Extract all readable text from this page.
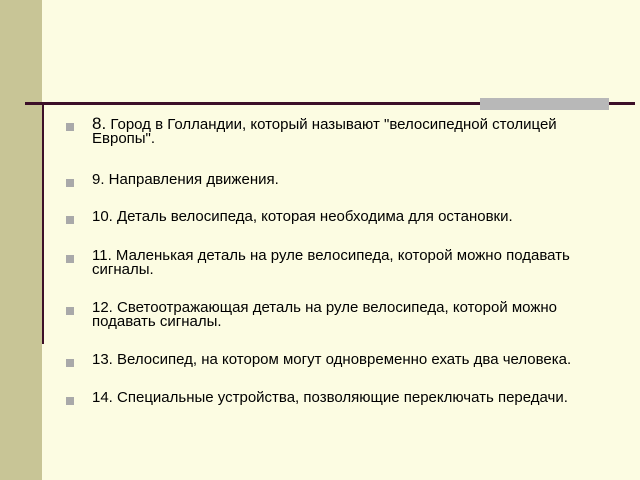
8. Город в Голландии, который называют "велосипедной столицей Европы".
9. Направления движения.
10. Деталь велосипеда, которая необходима для остановки.
11. Маленькая деталь на руле велосипеда, которой можно подавать сигналы.
12. Светоотражающая деталь на руле велосипеда, которой можно подавать сигналы.
13. Велосипед, на котором могут одновременно ехать два человека.
14. Специальные устройства, позволяющие переключать передачи.
